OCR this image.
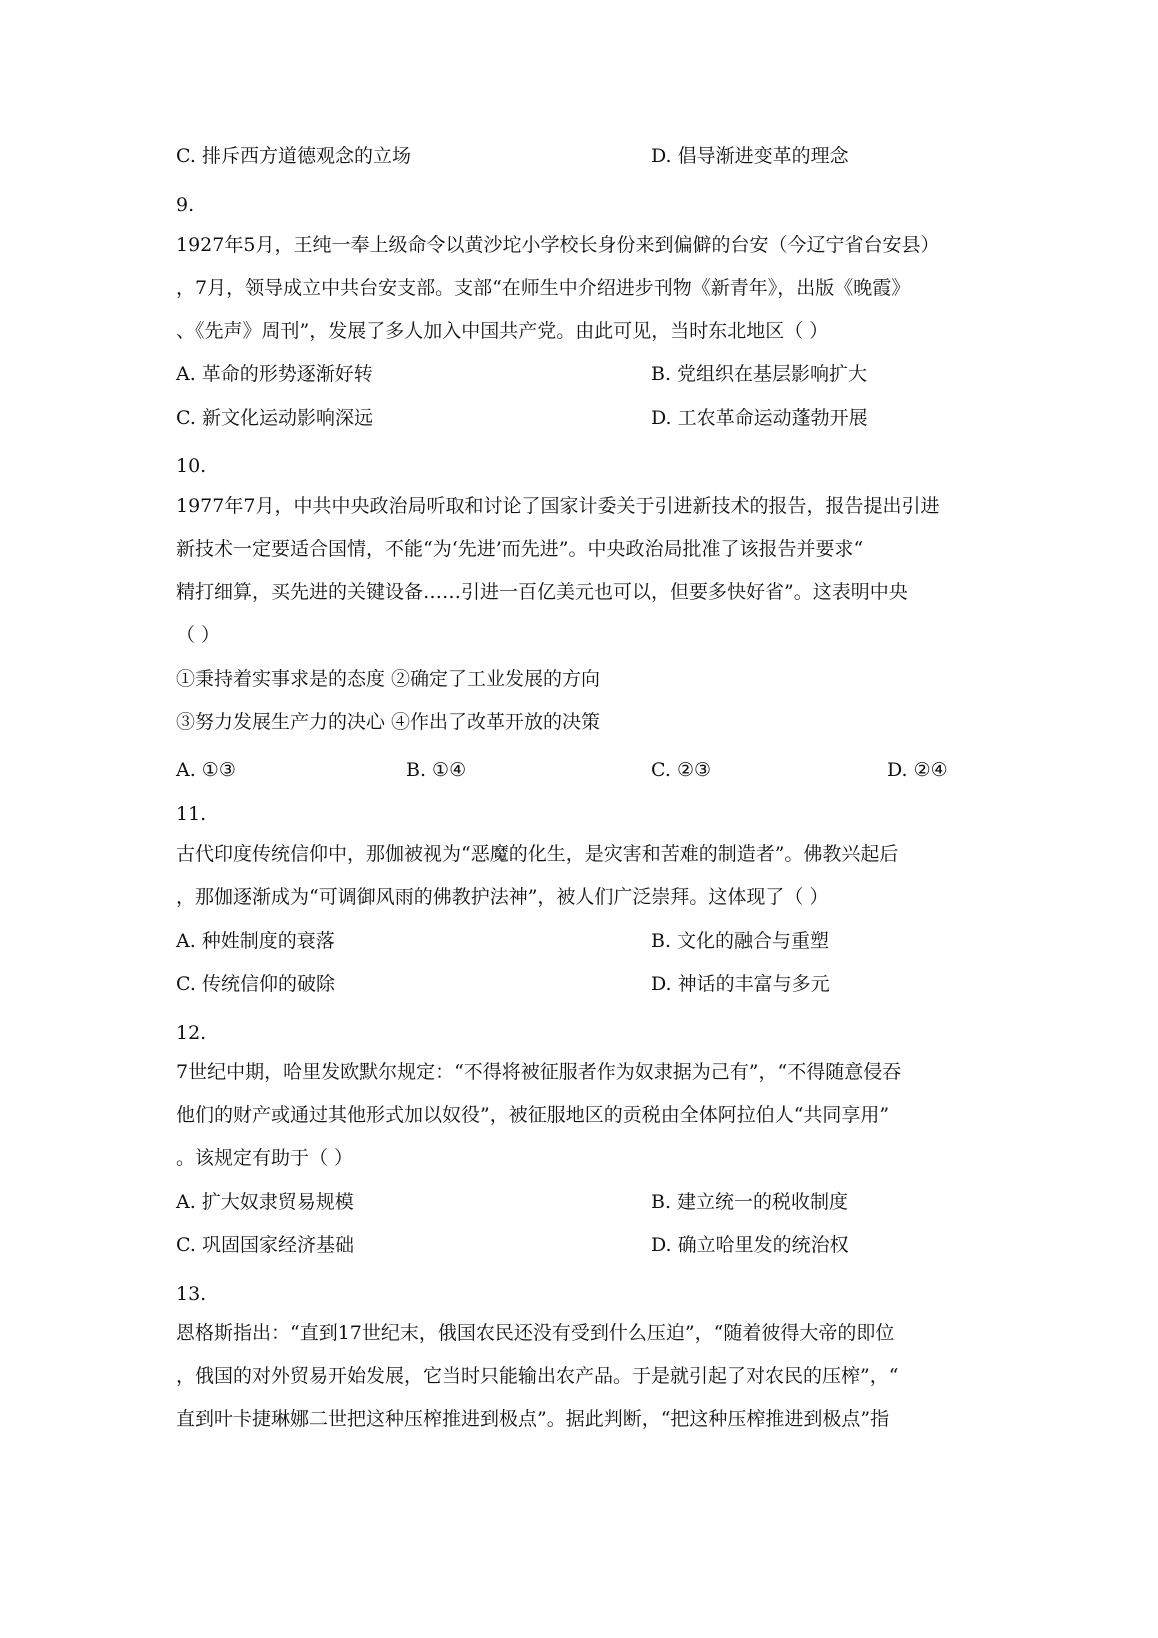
C. 排斥西方道德观念的立场	D. 倡导渐进变革的理念
9.
1927年5月，王纯一奉上级命令以黄沙坨小学校长身份来到偏僻的台安（今辽宁省台安县）
，7月，领导成立中共台安支部。支部“在师生中介绍进步刊物《新青年》，出版《晚霞》
、《先声》周刊”，发展了多人加入中国共产党。由此可见，当时东北地区（ ）
A. 革命的形势逐渐好转	B. 党组织在基层影响扩大
C. 新文化运动影响深远	D. 工农革命运动蓬勃开展
10.
1977年7月，中共中央政治局听取和讨论了国家计委关于引进新技术的报告，报告提出引进
新技术一定要适合国情，不能“为‘先进’而先进”。中央政治局批准了该报告并要求“
精打细算，买先进的关键设备……引进一百亿美元也可以，但要多快好省”。这表明中央
（ ）
①秉持着实事求是的态度 ②确定了工业发展的方向
③努力发展生产力的决心 ④作出了改革开放的决策
A. ①③	B. ①④	C. ②③	D. ②④
11.
古代印度传统信仰中，那伽被视为“恶魔的化生，是灾害和苦难的制造者”。佛教兴起后
，那伽逐渐成为“可调御风雨的佛教护法神”，被人们广泛崇拜。这体现了（ ）
A. 种姓制度的衰落	B. 文化的融合与重塑
C. 传统信仰的破除	D. 神话的丰富与多元
12.
7世纪中期，哈里发欧默尔规定：“不得将被征服者作为奴隶据为己有”，“不得随意侵吞
他们的财产或通过其他形式加以奴役”，被征服地区的贡税由全体阿拉伯人“共同享用”
。该规定有助于（ ）
A. 扩大奴隶贸易规模	B. 建立统一的税收制度
C. 巩固国家经济基础	D. 确立哈里发的统治权
13.
恩格斯指出：“直到17世纪末，俄国农民还没有受到什么压迫”，“随着彼得大帝的即位
，俄国的对外贸易开始发展，它当时只能输出农产品。于是就引起了对农民的压榨”，“
直到叶卡捷琳娜二世把这种压榨推进到极点”。据此判断，“把这种压榨推进到极点”指
